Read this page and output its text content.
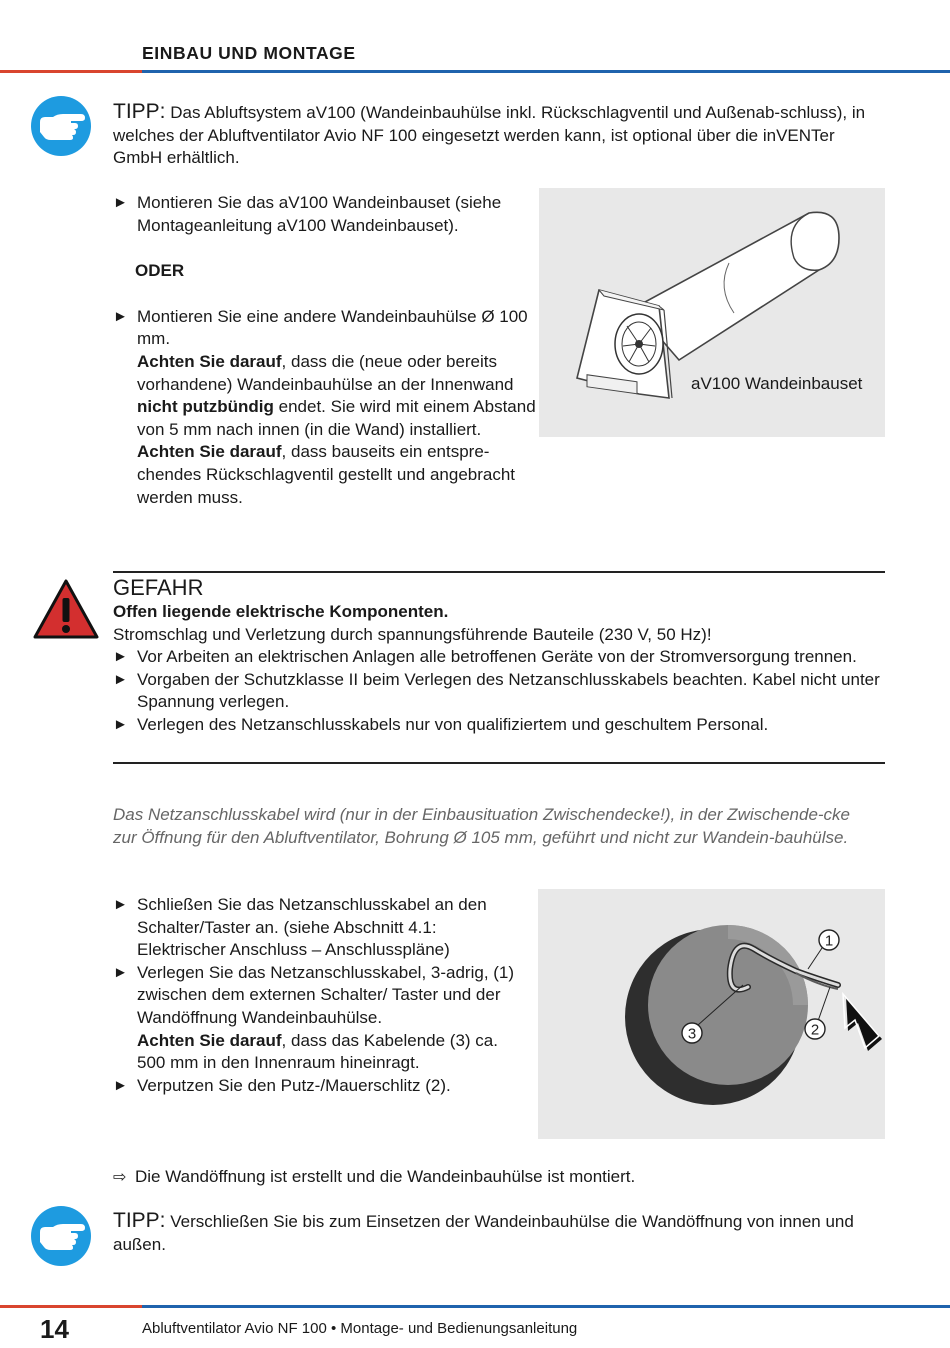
EINBAU UND MONTAGE
TIPP: Das Abluftsystem aV100 (Wandeinbauhülse inkl. Rückschlagventil und Außenab-schluss), in welches der Abluftventilator Avio NF 100 eingesetzt werden kann, ist optional über die inVENTer GmbH erhältlich.
► Montieren Sie das aV100 Wandeinbauset (siehe Montageanleitung aV100 Wandeinbauset).
ODER
► Montieren Sie eine andere Wandeinbauhülse Ø 100 mm.
Achten Sie darauf, dass die (neue oder bereits vorhandene) Wandeinbauhülse an der Innenwand nicht putzbündig endet. Sie wird mit einem Abstand von 5 mm nach innen (in die Wand) installiert.
Achten Sie darauf, dass bauseits ein entspre-chendes Rückschlagventil gestellt und angebracht werden muss.
aV100 Wandeinbauset
GEFAHR
Offen liegende elektrische Komponenten.
Stromschlag und Verletzung durch spannungsführende Bauteile (230 V, 50 Hz)!
► Vor Arbeiten an elektrischen Anlagen alle betroffenen Geräte von der Stromversorgung trennen.
► Vorgaben der Schutzklasse II beim Verlegen des Netzanschlusskabels beachten. Kabel nicht unter Spannung verlegen.
► Verlegen des Netzanschlusskabels nur von qualifiziertem und geschultem Personal.
Das Netzanschlusskabel wird (nur in der Einbausituation Zwischendecke!), in der Zwischende-cke zur Öffnung für den Abluftventilator, Bohrung Ø 105 mm, geführt und nicht zur Wandein-bauhülse.
► Schließen Sie das Netzanschlusskabel an den Schalter/Taster an. (siehe Abschnitt 4.1: Elektrischer Anschluss – Anschlusspläne)
► Verlegen Sie das Netzanschlusskabel, 3-adrig, (1) zwischen dem externen Schalter/ Taster und der Wandöffnung Wandeinbauhülse.
Achten Sie darauf, dass das Kabelende (3) ca. 500 mm in den Innenraum hineinragt.
► Verputzen Sie den Putz-/Mauerschlitz (2).
1
2
3
⇨ Die Wandöffnung ist erstellt und die Wandeinbauhülse ist montiert.
TIPP: Verschließen Sie bis zum Einsetzen der Wandeinbauhülse die Wandöffnung von innen und außen.
14	Abluftventilator Avio NF 100 • Montage- und Bedienungsanleitung
